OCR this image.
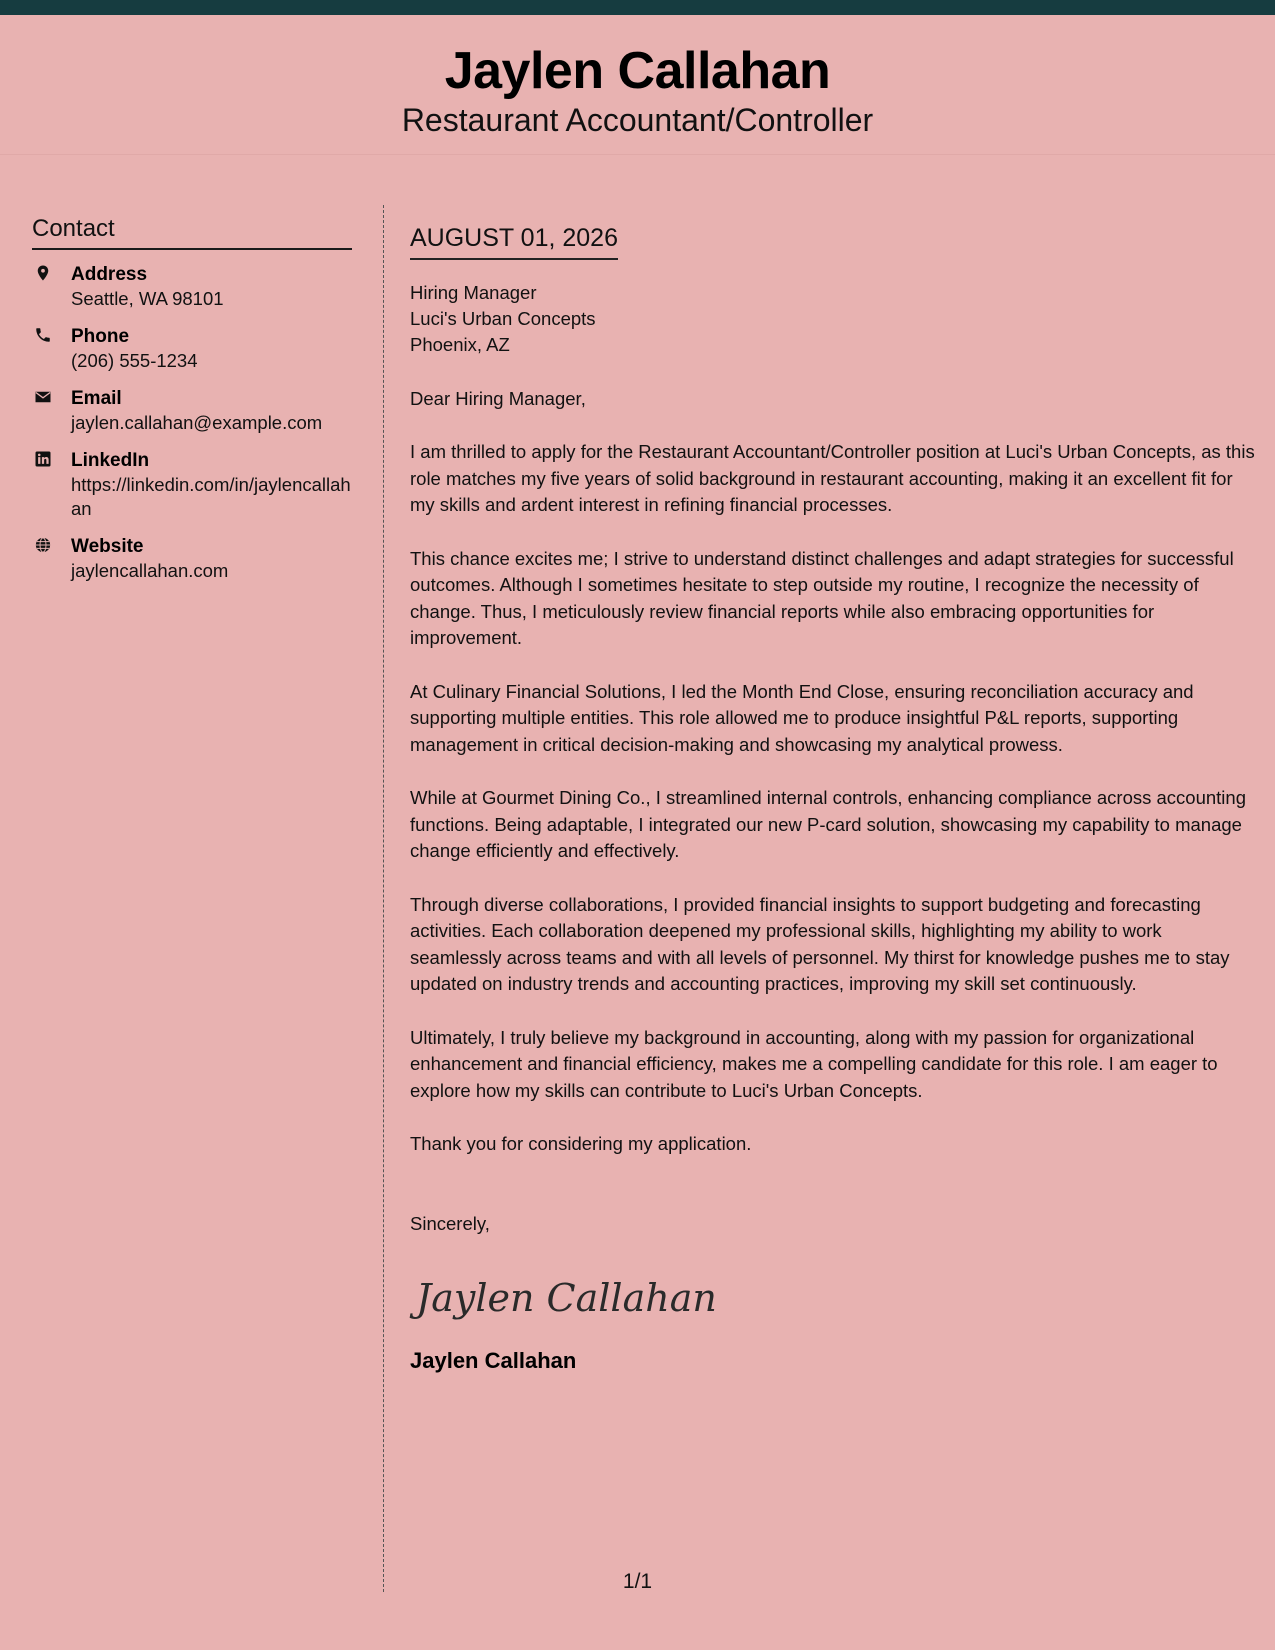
Jaylen Callahan
Restaurant Accountant/Controller
Contact
Address
Seattle, WA 98101
Phone
(206) 555-1234
Email
jaylen.callahan@example.com
LinkedIn
https://linkedin.com/in/jaylencallahan
Website
jaylencallahan.com
AUGUST 01, 2026
Hiring Manager
Luci's Urban Concepts
Phoenix, AZ
Dear Hiring Manager,
I am thrilled to apply for the Restaurant Accountant/Controller position at Luci's Urban Concepts, as this role matches my five years of solid background in restaurant accounting, making it an excellent fit for my skills and ardent interest in refining financial processes.
This chance excites me; I strive to understand distinct challenges and adapt strategies for successful outcomes. Although I sometimes hesitate to step outside my routine, I recognize the necessity of change. Thus, I meticulously review financial reports while also embracing opportunities for improvement.
At Culinary Financial Solutions, I led the Month End Close, ensuring reconciliation accuracy and supporting multiple entities. This role allowed me to produce insightful P&L reports, supporting management in critical decision-making and showcasing my analytical prowess.
While at Gourmet Dining Co., I streamlined internal controls, enhancing compliance across accounting functions. Being adaptable, I integrated our new P-card solution, showcasing my capability to manage change efficiently and effectively.
Through diverse collaborations, I provided financial insights to support budgeting and forecasting activities. Each collaboration deepened my professional skills, highlighting my ability to work seamlessly across teams and with all levels of personnel. My thirst for knowledge pushes me to stay updated on industry trends and accounting practices, improving my skill set continuously.
Ultimately, I truly believe my background in accounting, along with my passion for organizational enhancement and financial efficiency, makes me a compelling candidate for this role. I am eager to explore how my skills can contribute to Luci's Urban Concepts.
Thank you for considering my application.
Sincerely,
Jaylen Callahan
Jaylen Callahan
1/1
